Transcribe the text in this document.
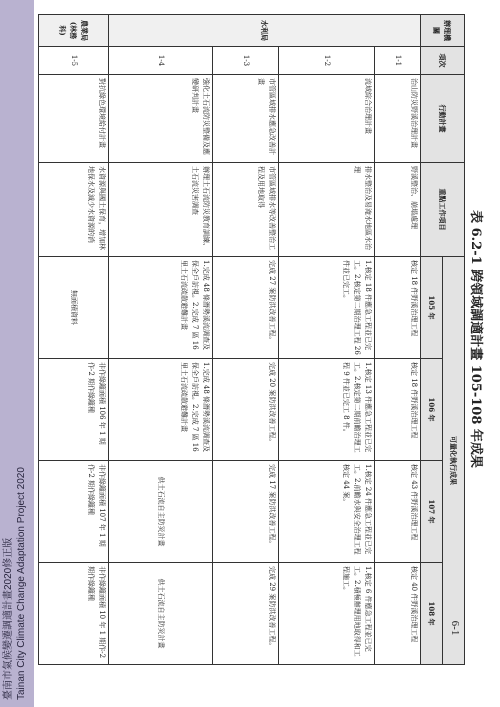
臺南市氣候變遷調適計畫2020修正版 Tainan City Climate Change Adaptation Project 2020
表 6.2-1 跨領域調適計畫 105-108 年成果
辦理機關	項次	行動計畫	重點工作項目	可量化執行成果			
				105 年	106 年	107 年	108 年
水利局	1-1	治山防災野溪治理計畫	野溪整治、崩塌處理	核定 18 件野溪治理工程	核定 18 件野溪治理工程	核定 43 件野溪治理工程	核定 40 件野溪治理工程
	1-2	流域綜合治理計畫	排水整治及易淹水地區水治理	1.核定 18 件應急工程並已完工。2.核定第二期治理工程 26 件並已完工。	1.核定 13 件應急工程並已完工。2.核定第二期前瞻治理工程 9 件並已完工 8 件。	1.核定 24 件應急工程並已完工。2.前瞻水與安全治理工程核定 44 案。	1.核定 6 件應急工程並已完工。2.積極辦理用地取得和工程施工。
	1-3	市管區域排水應急改善計畫	市管區域排水等改善整治工程及用地取得	完成 27 案防洪改善工程。	完成 20 案防洪改善工程。	完成 17 案防洪改善工程。	完成 29 案防洪改善工程。
	1-4	強化土石流防災整備及應變研判計畫	辦理土石流防災教育訓練、土石流災害調查	1.完成 48 條潛勢溪流調查及保全戶訪視。2.完成 7 區 16 里土石流疏散避難計畫	1.完成 48 條潛勢溪流調查及保全戶訪視。2.完成 7 區 16 里土石流疏散避難計畫	供土石流自主防災計畫	供土石流自主防災計畫
農業局(林務科)	1-5	對抗綠色環境給付計畫	水資源與國土保育，增加林地保水及減少水資源的消	無面積資料	非作綠籬面積 106 年 1 期作-2 期作綠籬種	非作綠籬面積 107 年 1 期作-2 期作綠籬種	非作綠籬面積 10 年 1 期作-2 期作綠籬種
6-1
